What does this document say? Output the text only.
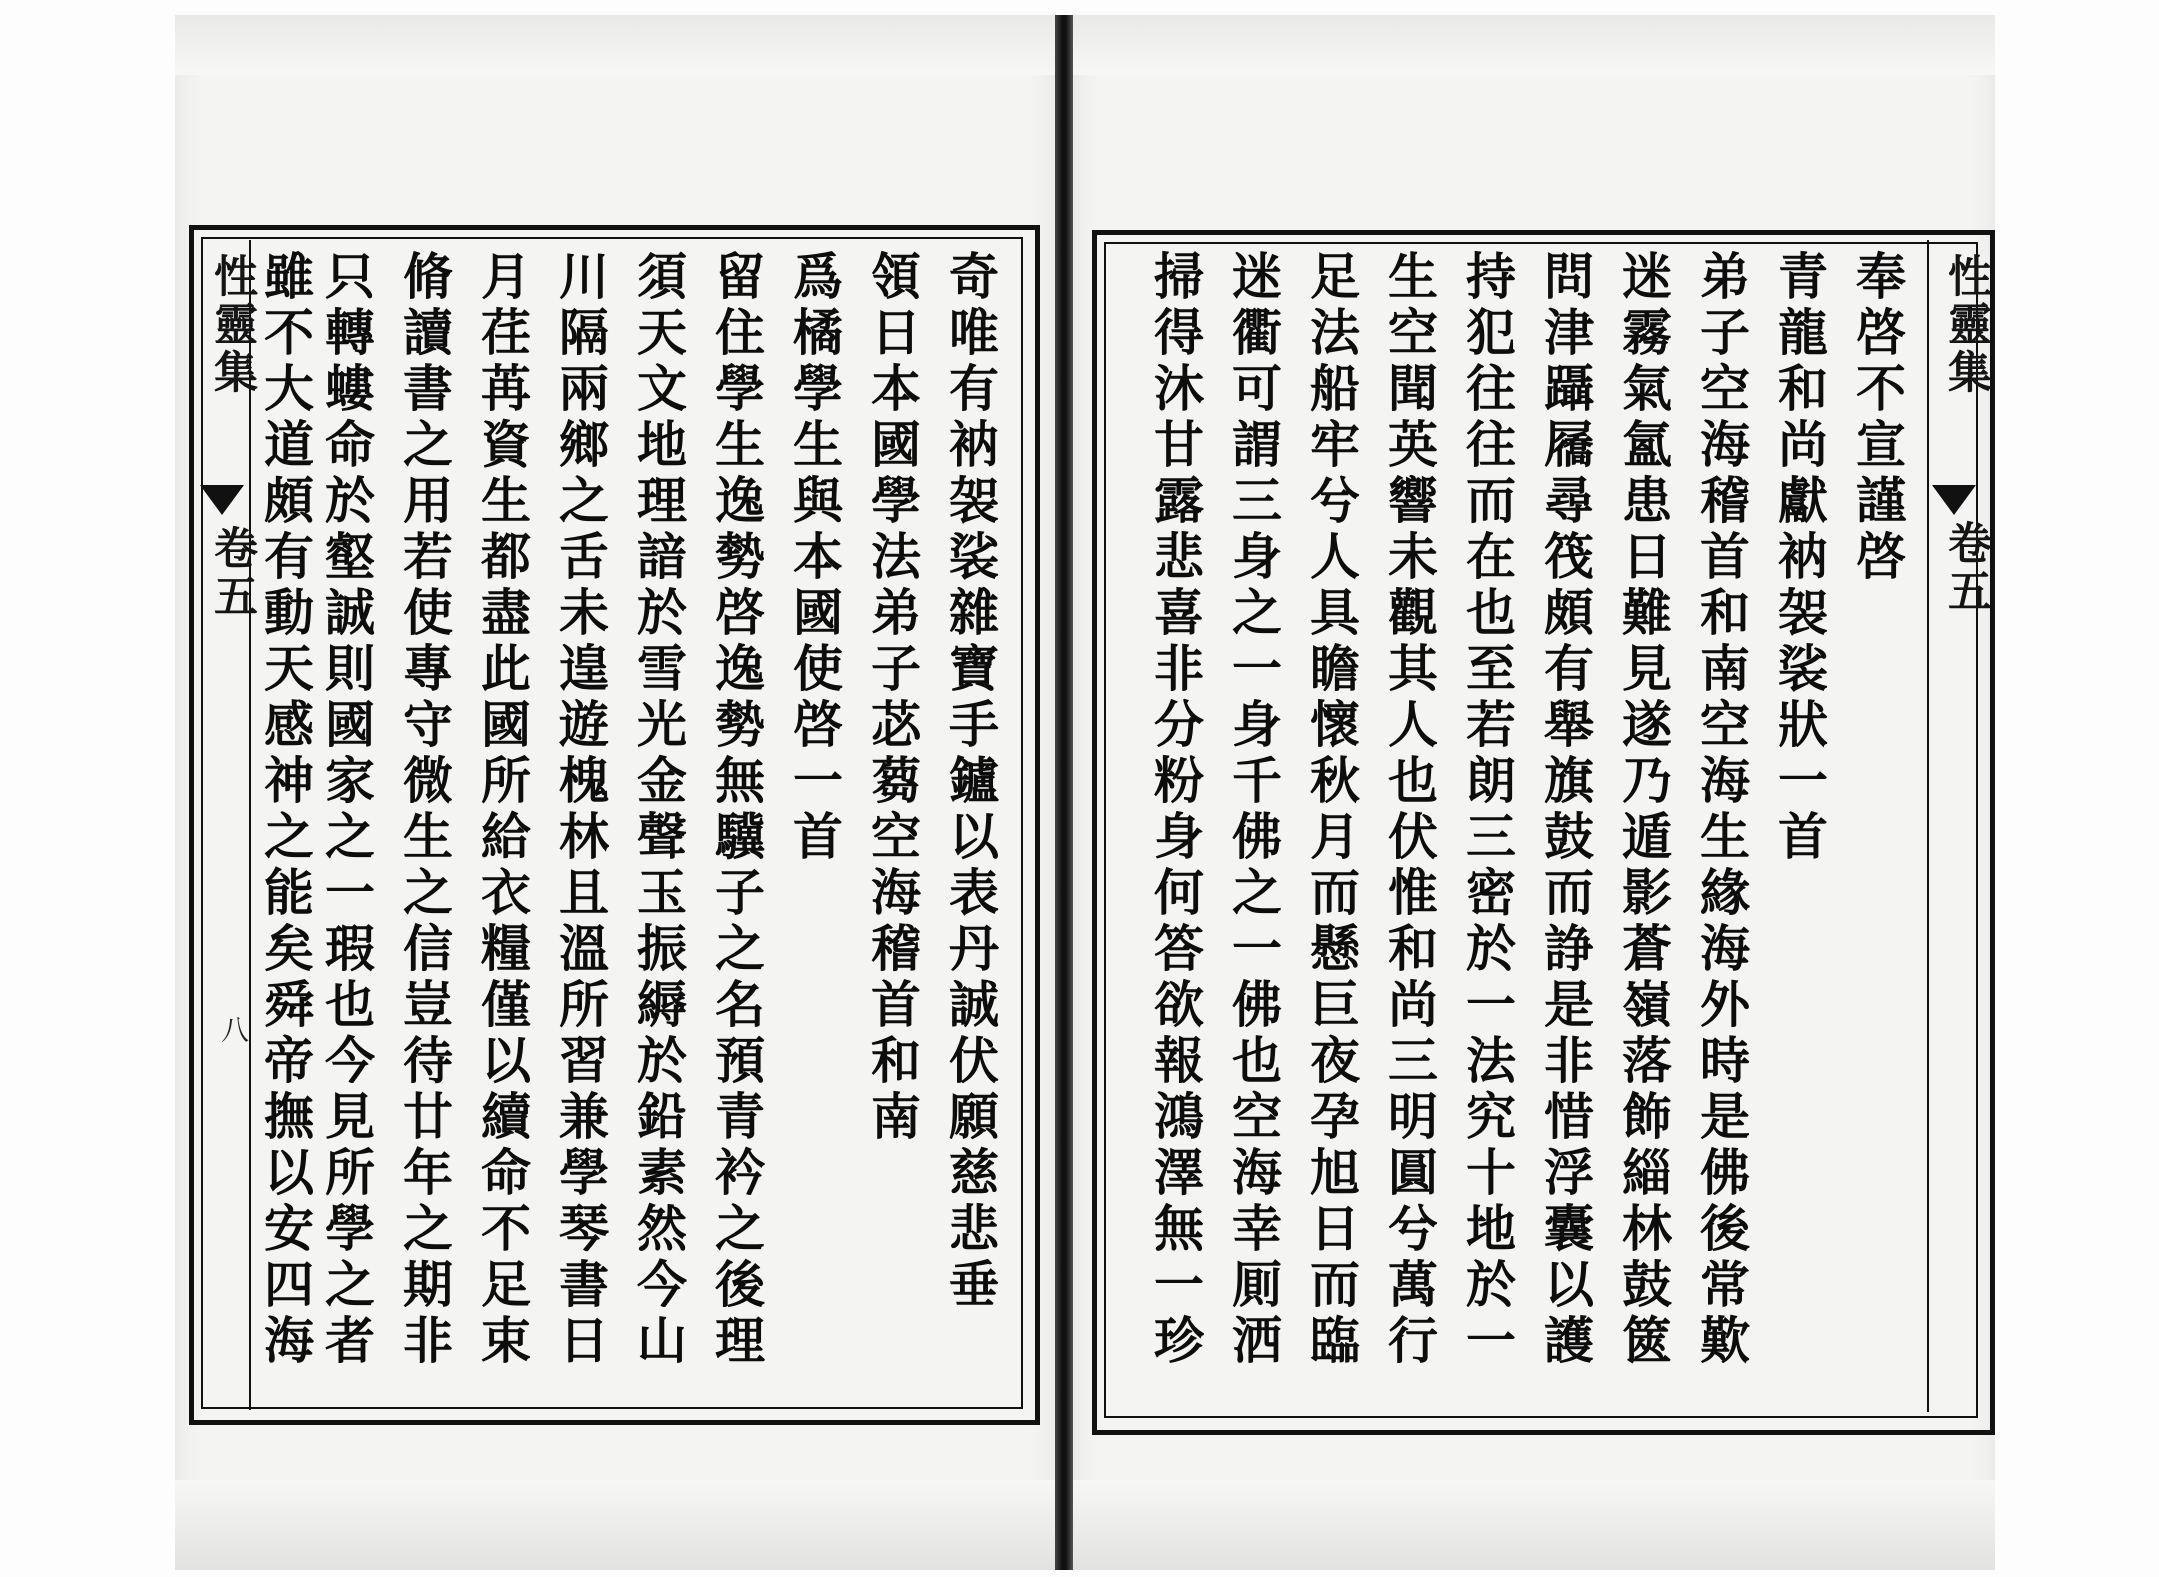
性靈集
卷五
八	奇唯有衲袈裟雜寶手鑪以表丹誠伏願慈悲垂
領日本國學法弟子苾蒭空海稽首和南
爲橘學生與本國使啓一首
留住學生逸勢啓逸勢無驥子之名預青衿之後理
須天文地理諳於雪光金聲玉振縟於鉛素然今山
川隔兩鄉之舌未遑遊槐林且溫所習兼學琴書日
月荏苒資生都盡此國所給衣糧僅以續命不足束
脩讀書之用若使專守微生之信豈待廿年之期非
只轉螻命於壑誠則國家之一瑕也今見所學之者
雖不大道頗有動天感神之能矣舜帝撫以安四海	性靈集
卷五
奉啓不宣謹啓
青龍和尚獻衲袈裟狀一首
弟子空海稽首和南空海生緣海外時是佛後常歎
迷霧氣氳患日難見遂乃遁影蒼嶺落飾緇林鼓篋
問津躡屩尋筏頗有舉旗鼓而諍是非惜浮囊以護
持犯往往而在也至若朗三密於一法究十地於一
生空聞英響未觀其人也伏惟和尚三明圓兮萬行
足法船牢兮人具瞻懷秋月而懸巨夜孕旭日而臨
迷衢可謂三身之一身千佛之一佛也空海幸厠洒
掃得沐甘露悲喜非分粉身何答欲報鴻澤無一珍
